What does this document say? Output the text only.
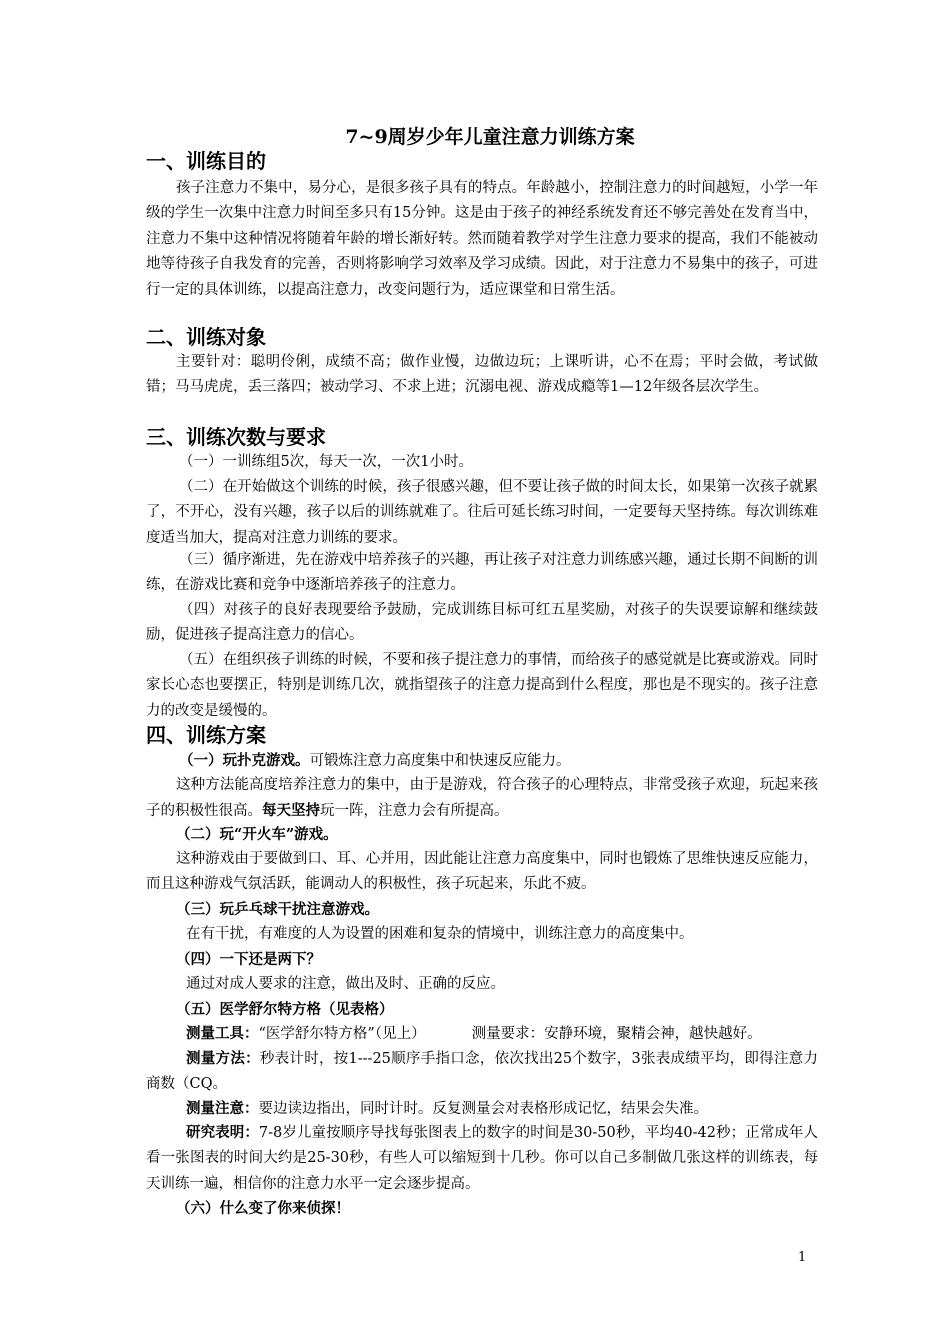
7~9周岁少年儿童注意力训练方案
一、训练目的
孩子注意力不集中，易分心，是很多孩子具有的特点。年龄越小，控制注意力的时间越短，小学一年级的学生一次集中注意力时间至多只有15分钟。这是由于孩子的神经系统发育还不够完善处在发育当中，注意力不集中这种情况将随着年龄的增长渐好转。然而随着教学对学生注意力要求的提高，我们不能被动地等待孩子自我发育的完善，否则将影响学习效率及学习成绩。因此，对于注意力不易集中的孩子，可进行一定的具体训练，以提高注意力，改变问题行为，适应课堂和日常生活。
二、训练对象
主要针对：聪明伶俐，成绩不高；做作业慢，边做边玩；上课听讲，心不在焉；平时会做，考试做错；马马虎虎，丢三落四；被动学习、不求上进；沉溺电视、游戏成瘾等1—12年级各层次学生。
三、训练次数与要求
（一）一训练组5次，每天一次，一次1小时。
（二）在开始做这个训练的时候，孩子很感兴趣，但不要让孩子做的时间太长，如果第一次孩子就累了，不开心，没有兴趣，孩子以后的训练就难了。往后可延长练习时间，一定要每天坚持练。每次训练难度适当加大，提高对注意力训练的要求。
（三）循序渐进，先在游戏中培养孩子的兴趣，再让孩子对注意力训练感兴趣，通过长期不间断的训练，在游戏比赛和竞争中逐渐培养孩子的注意力。
（四）对孩子的良好表现要给予鼓励，完成训练目标可红五星奖励，对孩子的失误要谅解和继续鼓励，促进孩子提高注意力的信心。
（五）在组织孩子训练的时候，不要和孩子提注意力的事情，而给孩子的感觉就是比赛或游戏。同时家长心态也要摆正，特别是训练几次，就指望孩子的注意力提高到什么程度，那也是不现实的。孩子注意力的改变是缓慢的。
四、训练方案
（一）玩扑克游戏。可锻炼注意力高度集中和快速反应能力。
这种方法能高度培养注意力的集中，由于是游戏，符合孩子的心理特点，非常受孩子欢迎，玩起来孩子的积极性很高。每天坚持玩一阵，注意力会有所提高。
（二）玩“开火车”游戏。
这种游戏由于要做到口、耳、心并用，因此能让注意力高度集中，同时也锻炼了思维快速反应能力，而且这种游戏气氛活跃，能调动人的积极性，孩子玩起来，乐此不疲。
（三）玩乒乓球干扰注意游戏。
在有干扰，有难度的人为设置的困难和复杂的情境中，训练注意力的高度集中。
（四）一下还是两下？
通过对成人要求的注意，做出及时、正确的反应。
（五）医学舒尔特方格（见表格）
测量工具：“医学舒尔特方格”（见上）	测量要求：安静环境，聚精会神，越快越好。
测量方法：秒表计时，按1---25顺序手指口念，依次找出25个数字，3张表成绩平均，即得注意力商数（CQ。
测量注意：要边读边指出，同时计时。反复测量会对表格形成记忆，结果会失准。
研究表明：7-8岁儿童按顺序导找每张图表上的数字的时间是30-50秒，平均40-42秒；正常成年人看一张图表的时间大约是25-30秒，有些人可以缩短到十几秒。你可以自己多制做几张这样的训练表，每天训练一遍，相信你的注意力水平一定会逐步提高。
（六）什么变了你来侦探！
1
